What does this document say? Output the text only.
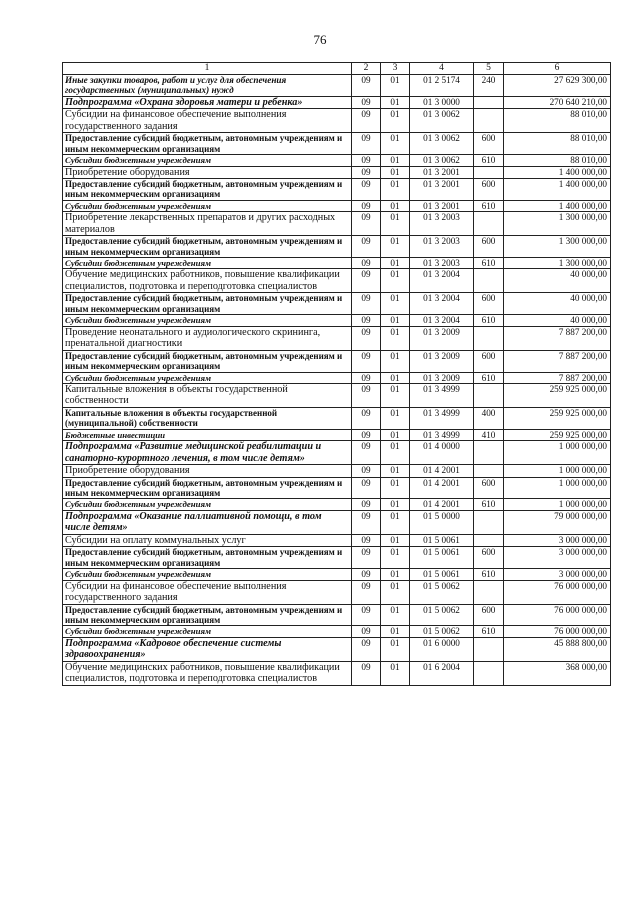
76
1	2	3	4	5	6
Иные закупки товаров, работ и услуг для обеспечения государственных (муниципальных) нужд	09	01	01 2 5174	240	27 629 300,00
Подпрограмма «Охрана здоровья матери и ребенка»	09	01	01 3 0000		270 640 210,00
Субсидии на финансовое обеспечение выполнения государственного задания	09	01	01 3 0062		88 010,00
Предоставление субсидий бюджетным, автономным учреждениям и иным некоммерческим организациям	09	01	01 3 0062	600	88 010,00
Субсидии бюджетным учреждениям	09	01	01 3 0062	610	88 010,00
Приобретение оборудования	09	01	01 3 2001		1 400 000,00
Предоставление субсидий бюджетным, автономным учреждениям и иным некоммерческим организациям	09	01	01 3 2001	600	1 400 000,00
Субсидии бюджетным учреждениям	09	01	01 3 2001	610	1 400 000,00
Приобретение лекарственных препаратов и других расходных материалов	09	01	01 3 2003		1 300 000,00
Предоставление субсидий бюджетным, автономным учреждениям и иным некоммерческим организациям	09	01	01 3 2003	600	1 300 000,00
Субсидии бюджетным учреждениям	09	01	01 3 2003	610	1 300 000,00
Обучение медицинских работников, повышение квалификации специалистов, подготовка и переподготовка специалистов	09	01	01 3 2004		40 000,00
Предоставление субсидий бюджетным, автономным учреждениям и иным некоммерческим организациям	09	01	01 3 2004	600	40 000,00
Субсидии бюджетным учреждениям	09	01	01 3 2004	610	40 000,00
Проведение неонатального и аудиологического скрининга, пренатальной диагностики	09	01	01 3 2009		7 887 200,00
Предоставление субсидий бюджетным, автономным учреждениям и иным некоммерческим организациям	09	01	01 3 2009	600	7 887 200,00
Субсидии бюджетным учреждениям	09	01	01 3 2009	610	7 887 200,00
Капитальные вложения в объекты государственной собственности	09	01	01 3 4999		259 925 000,00
Капитальные вложения в объекты государственной (муниципальной) собственности	09	01	01 3 4999	400	259 925 000,00
Бюджетные инвестиции	09	01	01 3 4999	410	259 925 000,00
Подпрограмма «Развитие медицинской реабилитации и санаторно-курортного лечения, в том числе детям»	09	01	01 4 0000		1 000 000,00
Приобретение оборудования	09	01	01 4 2001		1 000 000,00
Предоставление субсидий бюджетным, автономным учреждениям и иным некоммерческим организациям	09	01	01 4 2001	600	1 000 000,00
Субсидии бюджетным учреждениям	09	01	01 4 2001	610	1 000 000,00
Подпрограмма «Оказание паллиативной помощи, в том числе детям»	09	01	01 5 0000		79 000 000,00
Субсидии на оплату коммунальных услуг	09	01	01 5 0061		3 000 000,00
Предоставление субсидий бюджетным, автономным учреждениям и иным некоммерческим организациям	09	01	01 5 0061	600	3 000 000,00
Субсидии бюджетным учреждениям	09	01	01 5 0061	610	3 000 000,00
Субсидии на финансовое обеспечение выполнения государственного задания	09	01	01 5 0062		76 000 000,00
Предоставление субсидий бюджетным, автономным учреждениям и иным некоммерческим организациям	09	01	01 5 0062	600	76 000 000,00
Субсидии бюджетным учреждениям	09	01	01 5 0062	610	76 000 000,00
Подпрограмма «Кадровое обеспечение системы здравоохранения»	09	01	01 6 0000		45 888 800,00
Обучение медицинских работников, повышение квалификации специалистов, подготовка и переподготовка специалистов	09	01	01 6 2004		368 000,00
